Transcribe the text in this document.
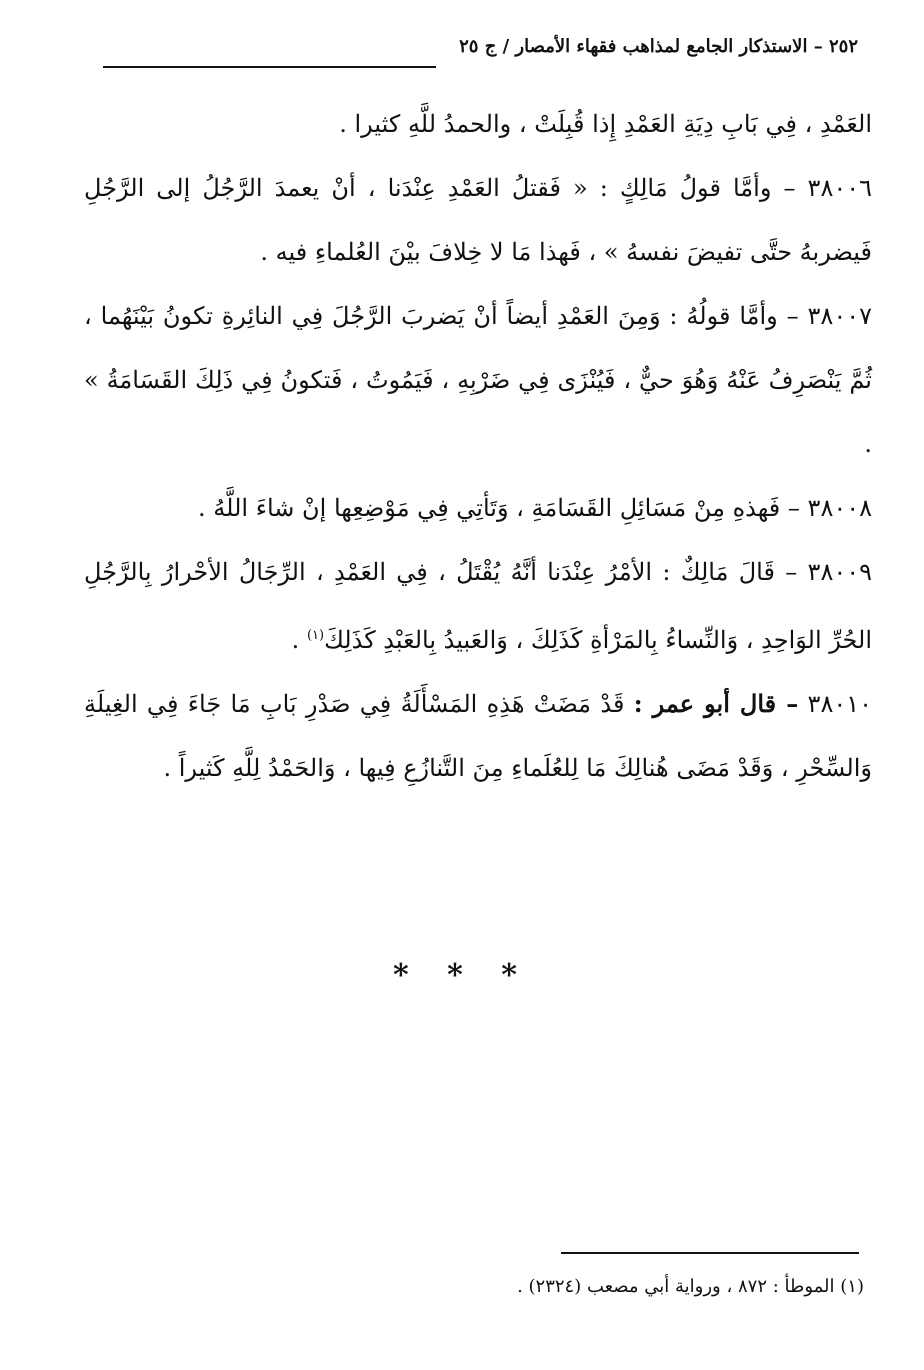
٢٥٢ – الاستذكار الجامع لمذاهب فقهاء الأمصار / ج ٢٥

العَمْدِ ، فِي بَابِ دِيَةِ العَمْدِ إِذا قُبِلَتْ ، والحمدُ للَّهِ كثيرا .

٣٨٠٠٦ – وأمَّا قولُ مَالِكٍ : « فَقتلُ العَمْدِ عِنْدَنا ، أنْ يعمدَ الرَّجُلُ إلى الرَّجُلِ فَيضربهُ حتَّى تفيضَ نفسهُ » ، فَهذا مَا لا خِلافَ بيْنَ العُلماءِ فيه .

٣٨٠٠٧ – وأمَّا قولُهُ : وَمِنَ العَمْدِ أيضاً أنْ يَضربَ الرَّجُلَ فِي النائِرةِ تكونُ بَيْنَهُما ، ثُمَّ يَنْصَرِفُ عَنْهُ وَهُوَ حيٌّ ، فَيُنْزَى فِي ضَرْبِهِ ، فَيَمُوتُ ، فَتكونُ فِي ذَلِكَ القَسَامَةُ » .

٣٨٠٠٨ – فَهذهِ مِنْ مَسَائِلِ القَسَامَةِ ، وَتَأتِي فِي مَوْضِعِها إنْ شاءَ اللَّهُ .

٣٨٠٠٩ – قَالَ مَالِكٌ : الأمْرُ عِنْدَنا أنَّهُ يُقْتَلُ ، فِي العَمْدِ ، الرِّجَالُ الأحْرارُ بِالرَّجُلِ الحُرِّ الوَاحِدِ ، وَالنِّساءُ بِالمَرْأةِ كَذَلِكَ ، وَالعَبيدُ بِالعَبْدِ كَذَلِكَ$^{(١)}$ .

٣٨٠١٠ – قال أبو عمر : قَدْ مَضَتْ هَذِهِ المَسْأَلَةُ فِي صَدْرِ بَابِ مَا جَاءَ فِي الغِيلَةِ وَالسِّحْرِ ، وَقَدْ مَضَى هُنالِكَ مَا لِلعُلَماءِ مِنَ التَّنازُعِ فِيها ، وَالحَمْدُ لِلَّهِ كَثيراً .

* * *
(١) الموطأ : ٨٧٢ ، ورواية أبي مصعب (٢٣٢٤) .
